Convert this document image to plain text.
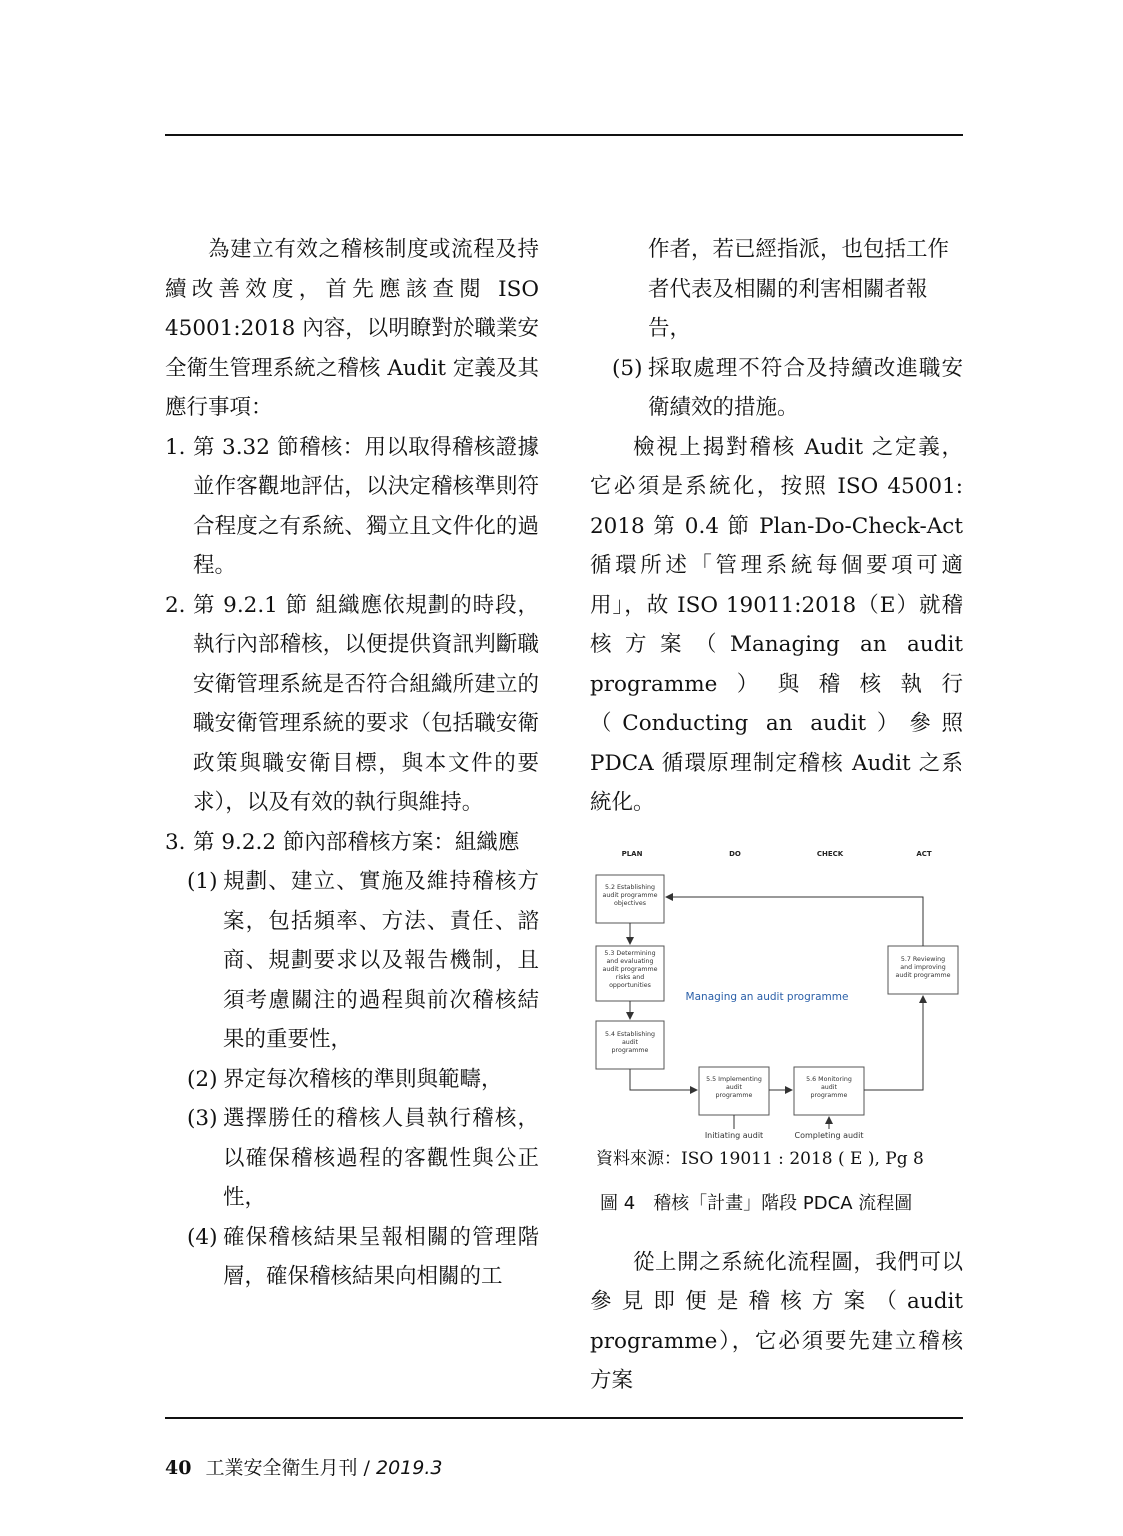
為建立有效之稽核制度或流程及持續改善效度，首先應該查閱 ISO 45001:2018 內容，以明瞭對於職業安全衛生管理系統之稽核 Audit 定義及其應行事項：

1. 第 3.32 節稽核：用以取得稽核證據並作客觀地評估，以決定稽核準則符合程度之有系統、獨立且文件化的過程。
2. 第 9.2.1 節 組織應依規劃的時段，執行內部稽核，以便提供資訊判斷職安衛管理系統是否符合組織所建立的職安衛管理系統的要求（包括職安衛政策與職安衛目標，與本文件的要求），以及有效的執行與維持。
3. 第 9.2.2 節內部稽核方案：組織應
(1) 規劃、建立、實施及維持稽核方案，包括頻率、方法、責任、諮商、規劃要求以及報告機制，且須考慮關注的過程與前次稽核結果的重要性，
(2) 界定每次稽核的準則與範疇，
(3) 選擇勝任的稽核人員執行稽核，以確保稽核過程的客觀性與公正性，
(4) 確保稽核結果呈報相關的管理階層，確保稽核結果向相關的工
作者，若已經指派，也包括工作者代表及相關的利害相關者報告，
(5) 採取處理不符合及持續改進職安衛績效的措施。

檢視上揭對稽核 Audit 之定義，它必須是系統化，按照 ISO 45001: 2018 第 0.4 節 Plan-Do-Check-Act 循環所述「管理系統每個要項可適用」，故 ISO 19011:2018（E）就稽核方案（Managing an audit programme）與稽核執行（Conducting an audit）參照 PDCA 循環原理制定稽核 Audit 之系統化。

PLAN	DO	CHECK	ACT
5.2 Establishing audit programme objectives
5.3 Determining and evaluating audit programme risks and opportunities
5.4 Establishing audit programme
5.5 Implementing audit programme
5.6 Monitoring audit programme
5.7 Reviewing and improving audit programme
Managing an audit programme
Initiating audit	Completing audit
資料來源：ISO 19011 : 2018 ( E ), Pg 8
圖 4 稽核「計畫」階段 PDCA 流程圖

從上開之系統化流程圖，我們可以參見即便是稽核方案（audit programme），它必須要先建立稽核方案

40 工業安全衛生月刊 / 2019.3
